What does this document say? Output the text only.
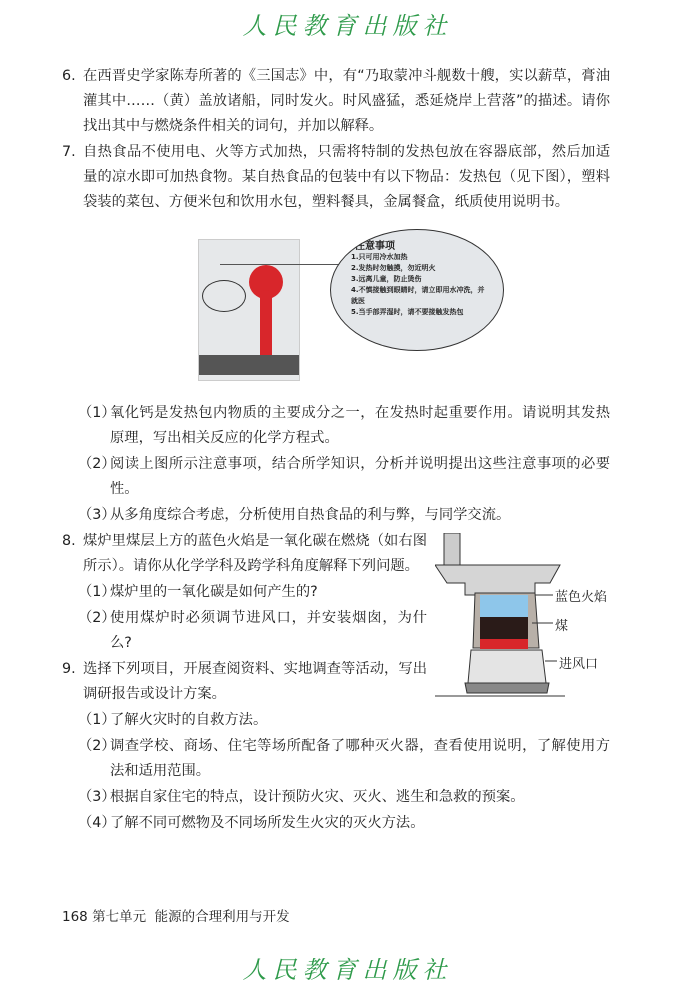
人民教育出版社
6. 在西晋史学家陈寿所著的《三国志》中，有“乃取蒙冲斗舰数十艘，实以薪草，膏油灌其中……（黄）盖放诸船，同时发火。时风盛猛，悉延烧岸上营落”的描述。请你找出其中与燃烧条件相关的词句，并加以解释。
7. 自热食品不使用电、火等方式加热，只需将特制的发热包放在容器底部，然后加适量的凉水即可加热食物。某自热食品的包装中有以下物品：发热包（见下图），塑料袋装的菜包、方便米包和饮用水包，塑料餐具，金属餐盒，纸质使用说明书。
注意事项
1.只可用冷水加热
2.发热时勿触摸，勿近明火
3.远离儿童，防止烫伤
4.不慎接触到眼睛时，请立即用水冲洗，并就医
5.当手部弄湿时，请不要接触发热包
（1）
氧化钙是发热包内物质的主要成分之一，在发热时起重要作用。请说明其发热原理，写出相关反应的化学方程式。
（2）
阅读上图所示注意事项，结合所学知识，分析并说明提出这些注意事项的必要性。
（3）
从多角度综合考虑，分析使用自热食品的利与弊，与同学交流。
8. 煤炉里煤层上方的蓝色火焰是一氧化碳在燃烧（如右图所示）。请你从化学学科及跨学科角度解释下列问题。
（1）
煤炉里的一氧化碳是如何产生的?
（2）
使用煤炉时必须调节进风口，并安装烟囱，为什么?
9. 选择下列项目，开展查阅资料、实地调查等活动，写出调研报告或设计方案。
蓝色火焰
煤
进风口
（1）
了解火灾时的自救方法。
（2）
调查学校、商场、住宅等场所配备了哪种灭火器，查看使用说明，了解使用方法和适用范围。
（3）
根据自家住宅的特点，设计预防火灾、灭火、逃生和急救的预案。
（4）
了解不同可燃物及不同场所发生火灾的灭火方法。
168 第七单元 能源的合理利用与开发
人民教育出版社
